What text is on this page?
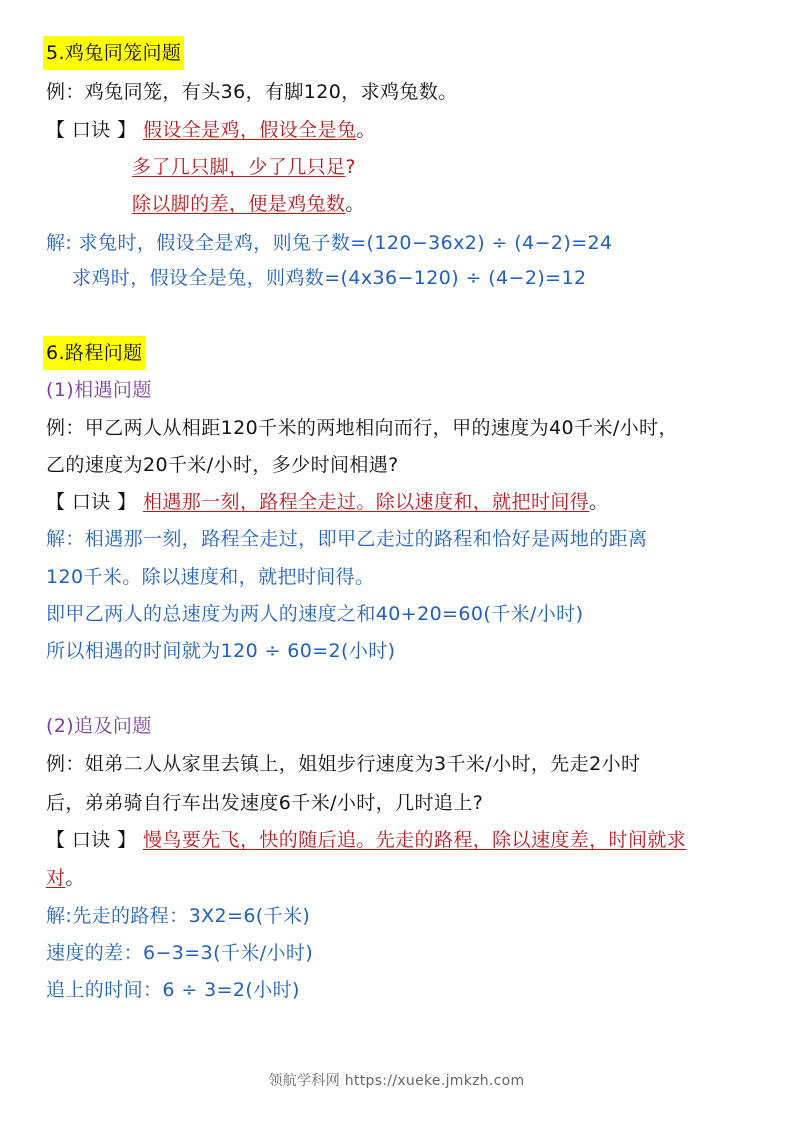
5.鸡兔同笼问题
例：鸡兔同笼，有头36，有脚120，求鸡兔数。
【 口诀 】 假设全是鸡，假设全是兔。
多了几只脚，少了几只足?
除以脚的差，便是鸡兔数。
解: 求兔时，假设全是鸡，则兔子数=(120−36x2) ÷ (4−2)=24
求鸡时，假设全是兔，则鸡数=(4x36−120) ÷ (4−2)=12
6.路程问题
(1)相遇问题
例：甲乙两人从相距120千米的两地相向而行，甲的速度为40千米/小时，
乙的速度为20千米/小时，多少时间相遇?
【 口诀 】 相遇那一刻，路程全走过。除以速度和，就把时间得。
解：相遇那一刻，路程全走过，即甲乙走过的路程和恰好是两地的距离
120千米。除以速度和，就把时间得。
即甲乙两人的总速度为两人的速度之和40+20=60(千米/小时)
所以相遇的时间就为120 ÷ 60=2(小时)
(2)追及问题
例：姐弟二人从家里去镇上，姐姐步行速度为3千米/小时，先走2小时
后，弟弟骑自行车出发速度6千米/小时，几时追上?
【 口诀 】 慢鸟要先飞，快的随后追。先走的路程，除以速度差，时间就求
对。
解:先走的路程：3X2=6(千米)
速度的差：6−3=3(千米/小时)
追上的时间：6 ÷ 3=2(小时)
领航学科网 https://xueke.jmkzh.com
